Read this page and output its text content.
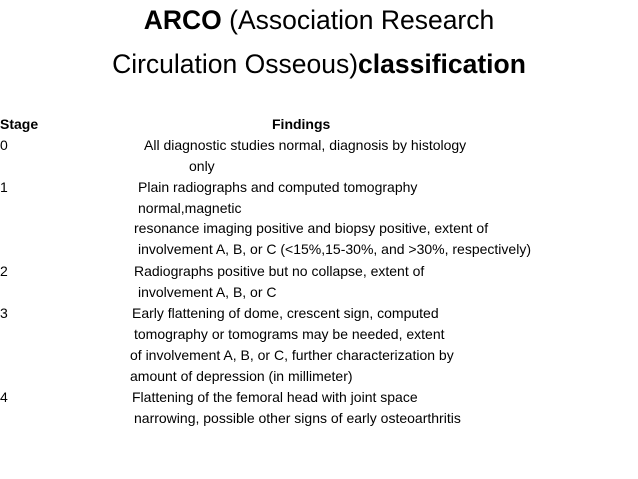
ARCO (Association Research
Circulation Osseous)classification
Stage	Findings
0	All diagnostic studies normal, diagnosis by histology
only
1	Plain radiographs and computed tomography
normal,magnetic
resonance imaging positive and biopsy positive, extent of
involvement A, B, or C (<15%,15-30%, and >30%, respectively)
2	Radiographs positive but no collapse, extent of
involvement A, B, or C
3	Early flattening of dome, crescent sign, computed
tomography or tomograms may be needed, extent
of involvement A, B, or C, further characterization by
amount of depression (in millimeter)
4	Flattening of the femoral head with joint space
narrowing, possible other signs of early osteoarthritis
